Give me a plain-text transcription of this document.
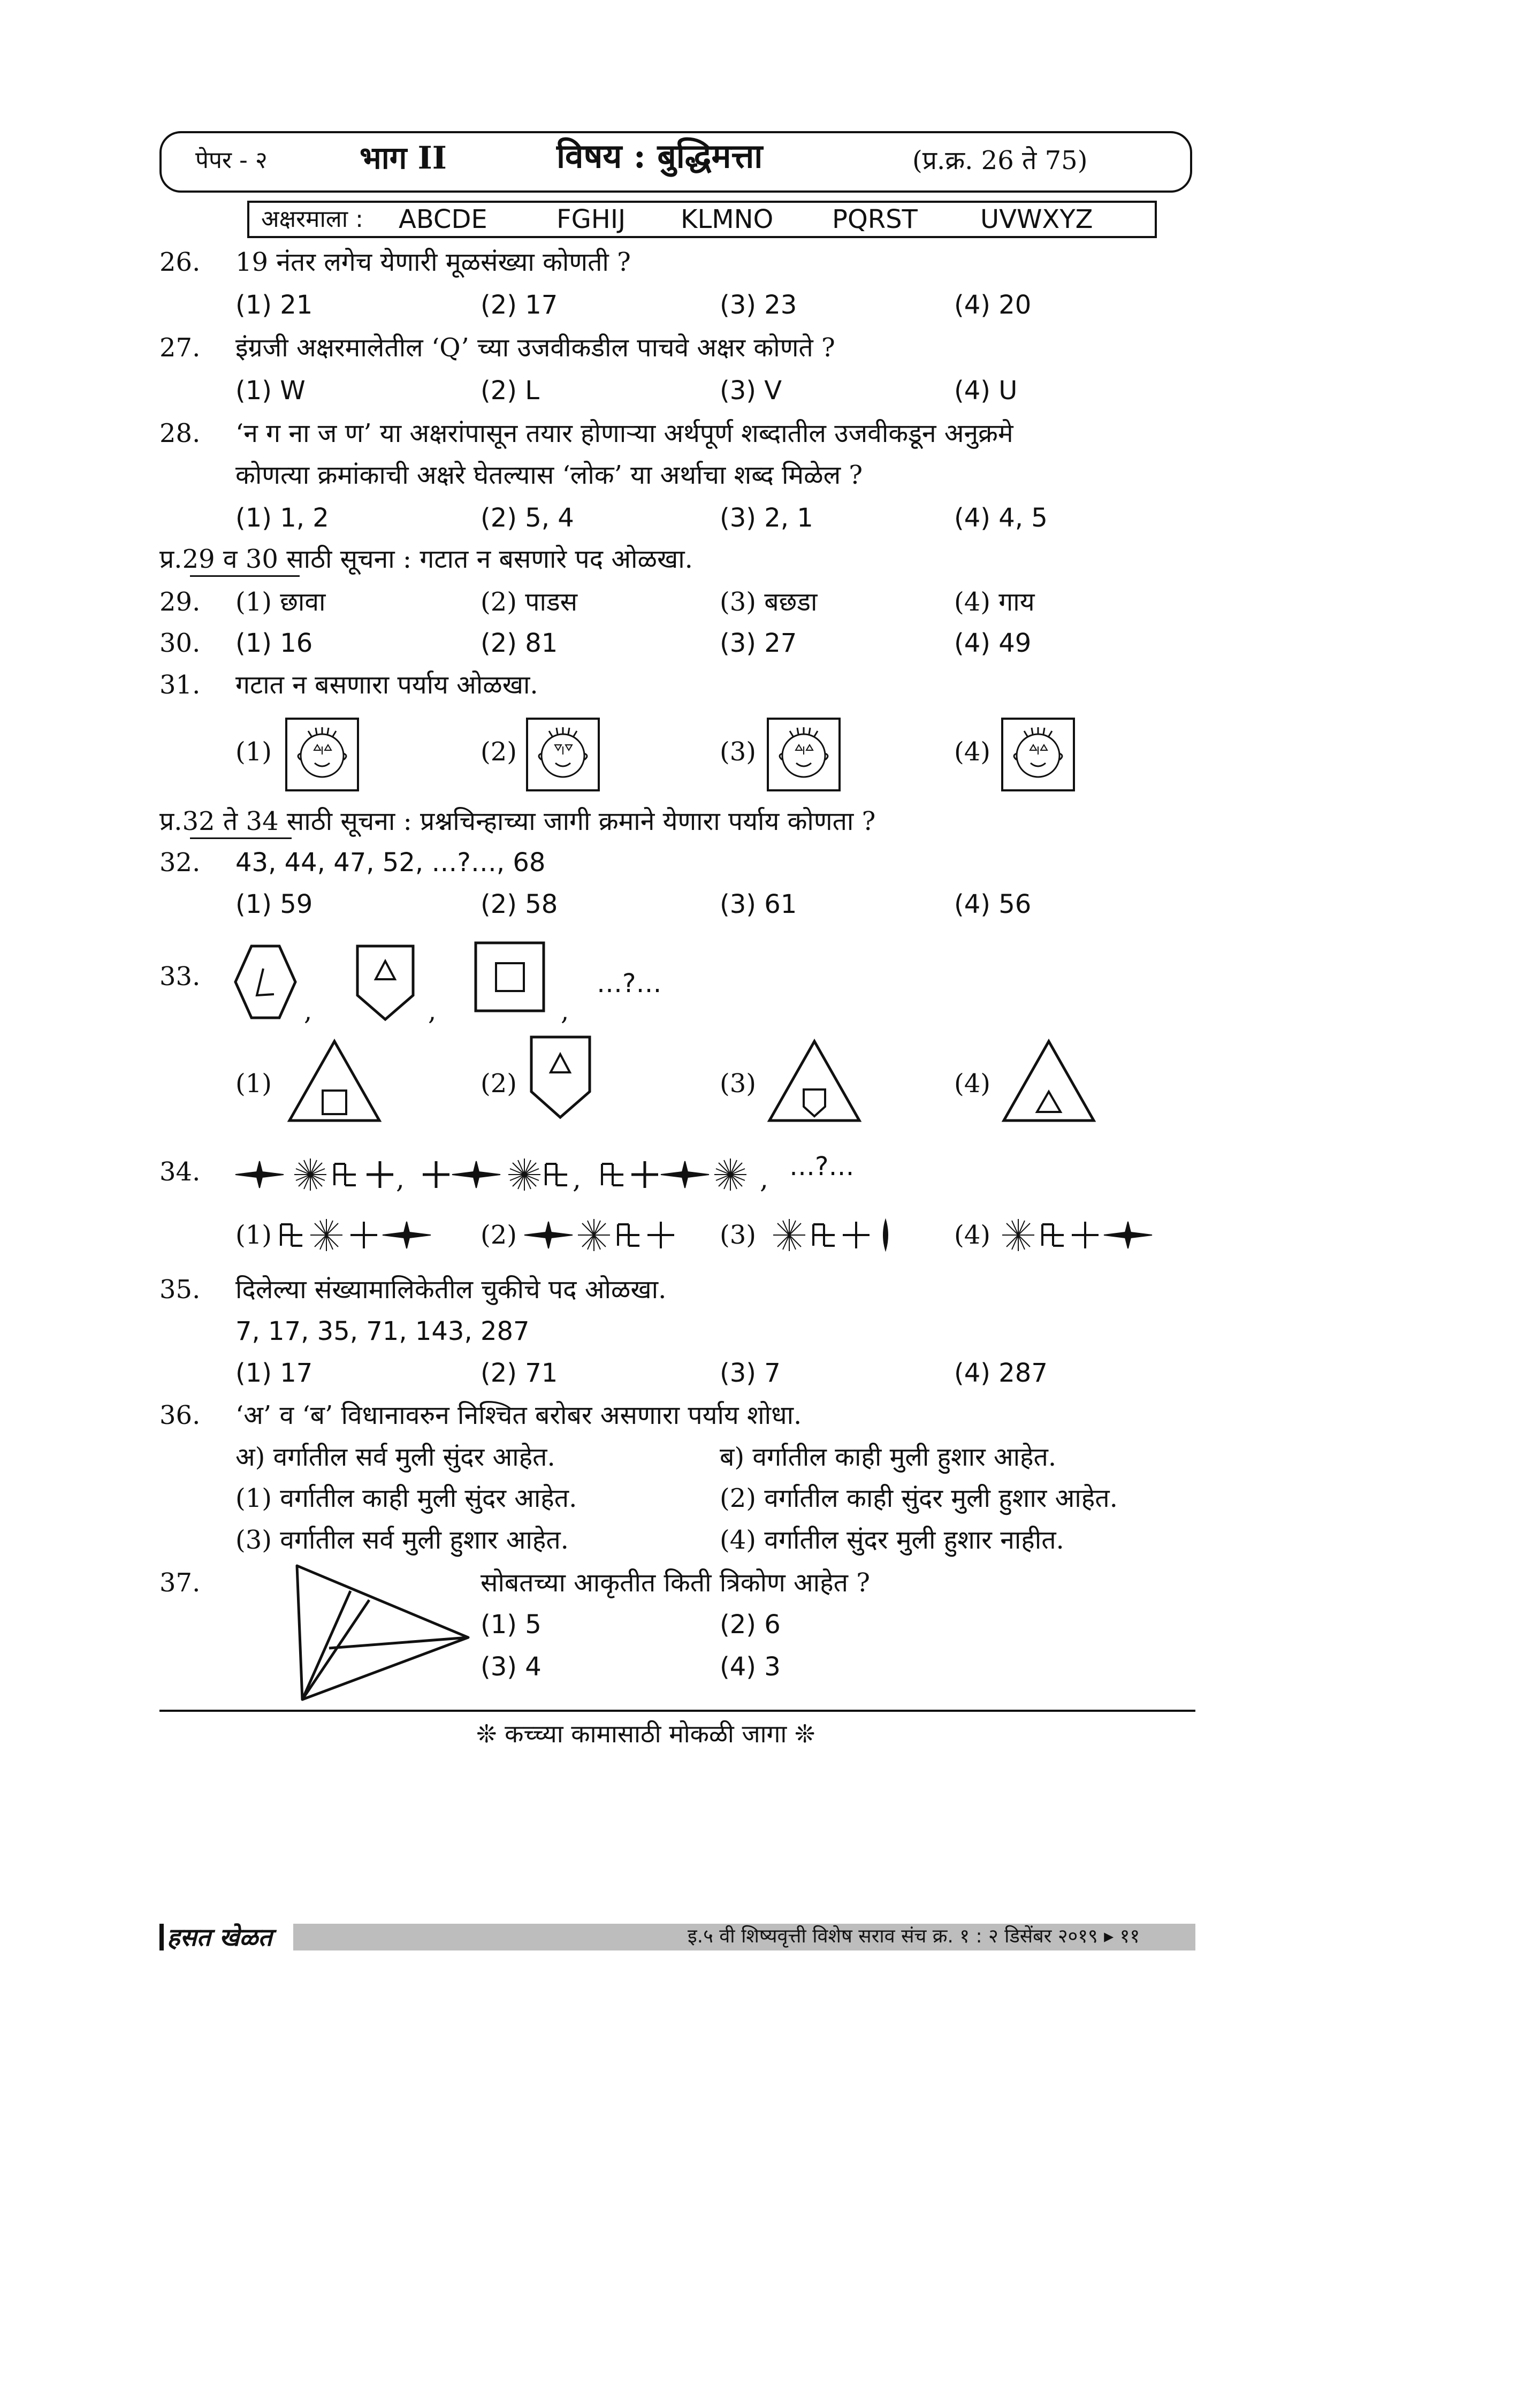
पेपर - २	भाग II	विषय : बुद्धिमत्ता	(प्र.क्र. 26 ते 75)
अक्षरमाला : ABCDE	FGHIJ KLMNO PQRST UVWXYZ
26. 19 नंतर लगेच येणारी मूळसंख्या कोणती ?
(1) 21	(2) 17	(3) 23	(4) 20
27. इंग्रजी अक्षरमालेतील ‘Q’ च्या उजवीकडील पाचवे अक्षर कोणते ?
(1) W	(2) L	(3) V	(4) U
28. ‘न ग ना ज ण’ या अक्षरांपासून तयार होणाऱ्या अर्थपूर्ण शब्दातील उजवीकडून अनुक्रमे
कोणत्या क्रमांकाची अक्षरे घेतल्यास ‘लोक’ या अर्थाचा शब्द मिळेल ?
(1) 1, 2	(2) 5, 4	(3) 2, 1	(4) 4, 5
प्र.29 व 30 साठी सूचना : गटात न बसणारे पद ओळखा.
29. (1) छावा	(2) पाडस	(3) बछडा	(4) गाय
30. (1) 16	(2) 81	(3) 27	(4) 49
31. गटात न बसणारा पर्याय ओळखा.
(1)	(2)	(3)	(4)
प्र.32 ते 34 साठी सूचना : प्रश्नचिन्हाच्या जागी क्रमाने येणारा पर्याय कोणता ?
32. 43, 44, 47, 52, …?…, 68
(1) 59	(2) 58	(3) 61	(4) 56
33.
,	,	,
…?…
(1)	(2)	(3)	(4)
34.	,	,	, …?…
(1)	(2)	(3)	(4)
35. दिलेल्या संख्यामालिकेतील चुकीचे पद ओळखा.
7, 17, 35, 71, 143, 287
(1) 17	(2) 71	(3) 7	(4) 287
36. ‘अ’ व ‘ब’ विधानावरुन निश्चित बरोबर असणारा पर्याय शोधा.
अ) वर्गातील सर्व मुली सुंदर आहेत.	ब) वर्गातील काही मुली हुशार आहेत.
(1) वर्गातील काही मुली सुंदर आहेत.	(2) वर्गातील काही सुंदर मुली हुशार आहेत.
(3) वर्गातील सर्व मुली हुशार आहेत.	(4) वर्गातील सुंदर मुली हुशार नाहीत.
37.	सोबतच्या आकृतीत किती त्रिकोण आहेत ?
(1) 5	(2) 6
(3) 4	(4) 3
❊ कच्च्या कामासाठी मोकळी जागा ❊
हसत खेळत	इ.५ वी शिष्यवृत्ती विशेष सराव संच क्र. १ : २ डिसेंबर २०१९ ▸ ११
